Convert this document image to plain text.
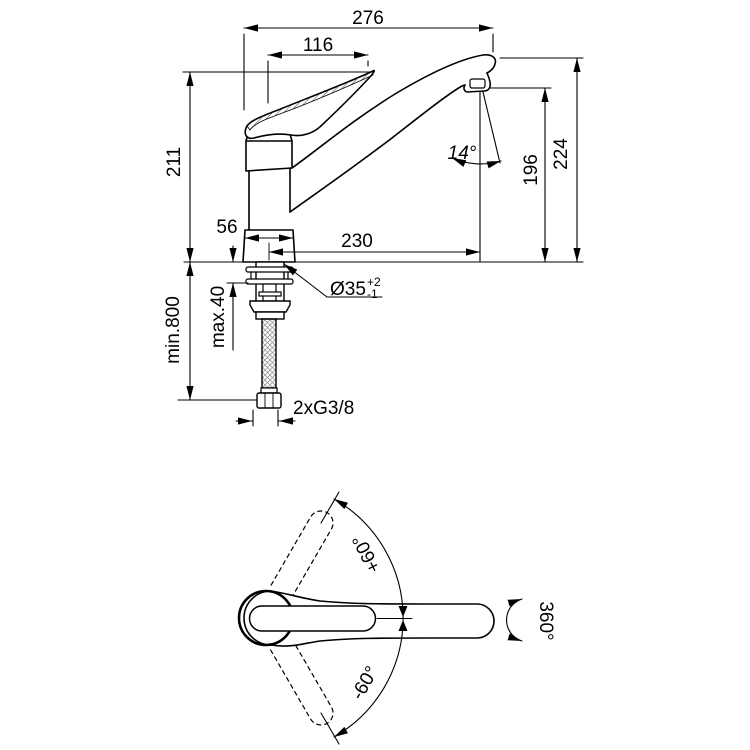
276
116
211	224
196
14°
56
230
Ø35 +2
-1
max.40
min.800
2xG3/8
+60°
-60°
360°
